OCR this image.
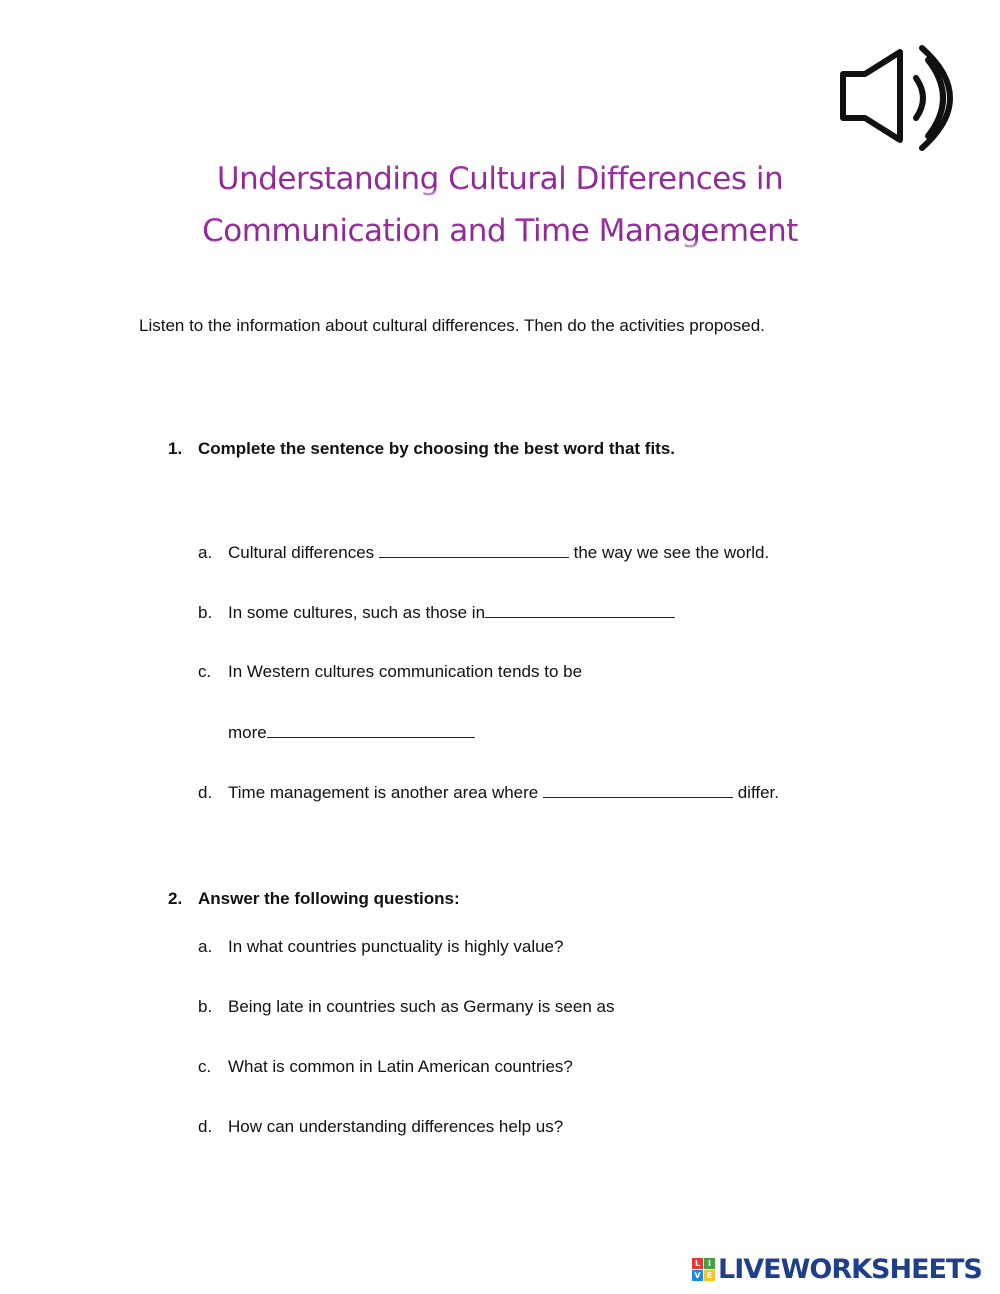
Understanding Cultural Differences in
Communication and Time Management
Listen to the information about cultural differences. Then do the activities proposed.
1. Complete the sentence by choosing the best word that fits.
a. Cultural differences	the way we see the world.
b. In some cultures, such as those in
c. In Western cultures communication tends to be
more
d. Time management is another area where	differ.
2. Answer the following questions:
a. In what countries punctuality is highly value?
b. Being late in countries such as Germany is seen as
c. What is common in Latin American countries?
d. How can understanding differences help us?
L I
V E LIVEWORKSHEETS
